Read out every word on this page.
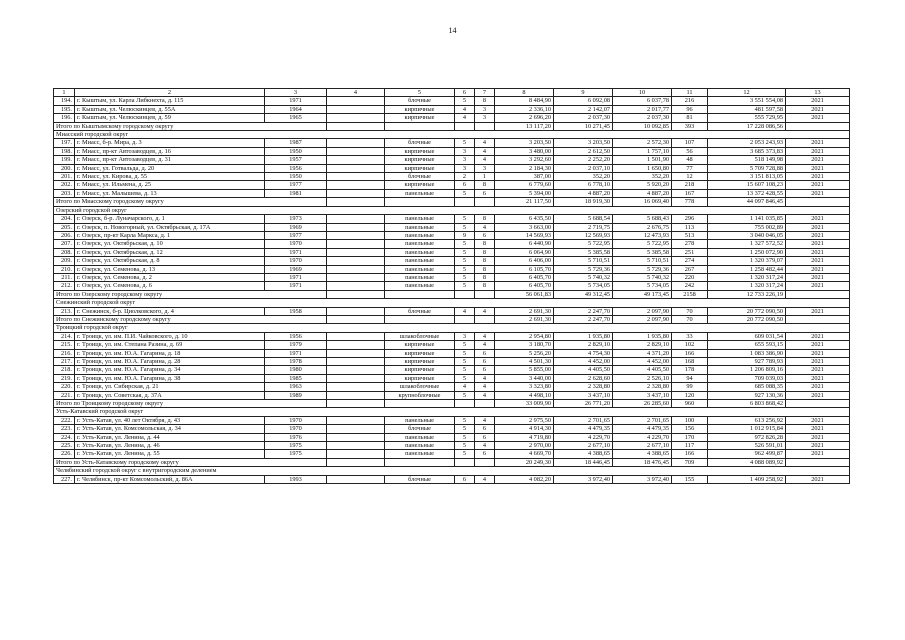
14
1	2	3	4	5	6	7	8	9	10	11	12	13
194.	г. Кыштым, ул. Карла Либкнехта, д. 115	1971		блочные	5	8	8 484,90	6 092,08	6 037,78	216	3 551 554,08	2021
195.	г. Кыштым, ул. Челюскинцев, д. 55А	1964		кирпичные	4	3	2 336,10	2 142,07	2 017,77	96	481 597,58	2021
196.	г. Кыштым, ул. Челюскинцев, д. 59	1965		кирпичные	4	3	2 696,20	2 037,30	2 037,30	81	555 729,95	2021
Итого по Кыштымскому городскому округу							13 117,20	10 271,45	10 092,85	393	17 228 086,56	
Миасский городской округ												
197.	г. Миасс, б-р. Мира, д. 3	1987		блочные	5	4	3 203,50	3 203,50	2 572,30	107	2 053 243,93	2021
198.	г. Миасс, пр-кт Автозаводцев, д. 16	1950		кирпичные	3	4	3 480,00	2 612,50	1 757,10	56	3 685 373,83	2021
199.	г. Миасс, пр-кт Автозаводцев, д. 31	1957		кирпичные	3	4	3 292,60	2 252,20	1 501,90	48	518 149,98	2021
200.	г. Миасс, ул. Готвальда, д. 20	1956		кирпичные	3	3	2 184,30	2 037,10	1 650,80	77	5 709 728,88	2021
201.	г. Миасс, ул. Кирова, д. 55	1950		блочные	2	1	387,00	352,20	352,20	12	3 151 813,05	2021
202.	г. Миасс, ул. Ильмена, д. 25	1977		кирпичные	6	8	6 779,60	6 778,10	5 920,20	218	15 607 108,23	2021
203.	г. Миасс, ул. Малышева, д. 13	1981		панельные	5	6	5 394,00	4 887,20	4 887,20	167	13 372 428,55	2021
Итого по Миасскому городскому округу							21 117,50	18 919,30	16 069,40	778	44 097 846,45	
Озерский городской округ												
204.	г. Озерск, б-р. Луначарского, д. 1	1973		панельные	5	8	6 435,50	5 688,54	5 688,43	296	1 141 035,85	2021
205.	г. Озерск, п. Новогорный, ул. Октябрьская, д. 17А	1969		панельные	5	4	3 663,00	2 719,75	2 676,75	113	755 002,89	2021
206.	г. Озерск, пр-кт Карла Маркса, д. 1	1977		панельные	9	6	14 569,93	12 569,93	12 473,93	513	3 040 046,05	2021
207.	г. Озерск, ул. Октябрьская, д. 10	1970		панельные	5	8	6 440,90	5 722,95	5 722,95	278	1 327 572,52	2021
208.	г. Озерск, ул. Октябрьская, д. 12	1971		панельные	5	8	6 064,90	5 385,58	5 385,58	251	1 250 072,90	2021
209.	г. Озерск, ул. Октябрьская, д. 8	1970		панельные	5	8	6 406,00	5 710,51	5 710,51	274	1 320 379,07	2021
210.	г. Озерск, ул. Семенова, д. 13	1969		панельные	5	8	6 105,70	5 729,36	5 729,36	267	1 258 482,44	2021
211.	г. Озерск, ул. Семенова, д. 2	1971		панельные	5	8	6 405,70	5 740,32	5 740,32	220	1 320 317,24	2021
212.	г. Озерск, ул. Семенова, д. 6	1971		панельные	5	8	6 405,70	5 734,05	5 734,05	242	1 320 317,24	2021
Итого по Озерскому городскому округу							56 061,83	49 312,45	49 173,45	2158	12 733 226,19	
Снежинский городской округ												
213.	г. Снежинск, б-р. Циолковского, д. 4	1958		блочные	4	4	2 691,30	2 247,70	2 097,90	70	20 772 090,50	2021
Итого по Снежинскому городскому округу							2 691,30	2 247,70	2 097,90	70	20 772 090,50	
Троицкий городской округ												
214.	г. Троицк, ул. им. П.И. Чайковского, д. 10	1956		шлакоблочные	3	4	2 954,80	1 935,80	1 935,80	33	609 031,54	2021
215.	г. Троицк, ул. им. Степана Разина, д. 69	1979		кирпичные	5	4	3 180,70	2 829,10	2 829,10	102	655 593,15	2021
216.	г. Троицк, ул. им. Ю.А. Гагарина, д. 18	1971		кирпичные	5	6	5 256,20	4 754,30	4 371,20	166	1 083 386,90	2021
217.	г. Троицк, ул. им. Ю.А. Гагарина, д. 28	1978		кирпичные	5	6	4 501,30	4 452,00	4 452,00	168	927 789,93	2021
218.	г. Троицк, ул. им. Ю.А. Гагарина, д. 34	1980		кирпичные	5	6	5 855,00	4 405,50	4 405,50	178	1 206 809,16	2021
219.	г. Троицк, ул. им. Ю.А. Гагарина, д. 38	1985		кирпичные	5	4	3 440,00	2 628,60	2 526,10	94	709 039,03	2021
220.	г. Троицк, ул. Сибирская, д. 21	1963		шлакоблочные	4	4	3 323,80	2 328,80	2 328,80	99	685 088,35	2021
221.	г. Троицк, ул. Советская, д. 37А	1989		крупноблочные	5	4	4 498,10	3 437,10	3 437,10	120	927 130,36	2021
Итого по Троицкому городскому округу							33 009,90	26 771,20	26 285,60	960	6 803 868,42	
Усть-Катавский городской округ												
222.	г. Усть-Катав, ул. 40 лет Октября, д. 43	1970		панельные	5	4	2 975,50	2 701,65	2 701,65	100	613 256,92	2021
223.	г. Усть-Катав, ул. Комсомольская, д. 34	1970		блочные	5	6	4 914,30	4 479,35	4 479,35	156	1 012 915,84	2021
224.	г. Усть-Катав, ул. Ленина, д. 44	1976		панельные	5	6	4 719,80	4 229,70	4 229,70	170	972 826,28	2021
225.	г. Усть-Катав, ул. Ленина, д. 46	1975		панельные	5	4	2 970,00	2 677,10	2 677,10	117	526 591,01	2021
226.	г. Усть-Катав, ул. Ленина, д. 55	1975		панельные	5	6	4 669,70	4 388,65	4 388,65	166	962 499,87	2021
Итого по Усть-Катавскому городскому округу							20 249,30	18 446,45	18 476,45	709	4 088 089,92	
Челябинский городской округ с внутригородским делением												
227.	г. Челябинск, пр-кт Комсомольский, д. 86А	1993		блочные	6	4	4 082,20	3 972,40	3 972,40	155	1 409 258,92	2021
